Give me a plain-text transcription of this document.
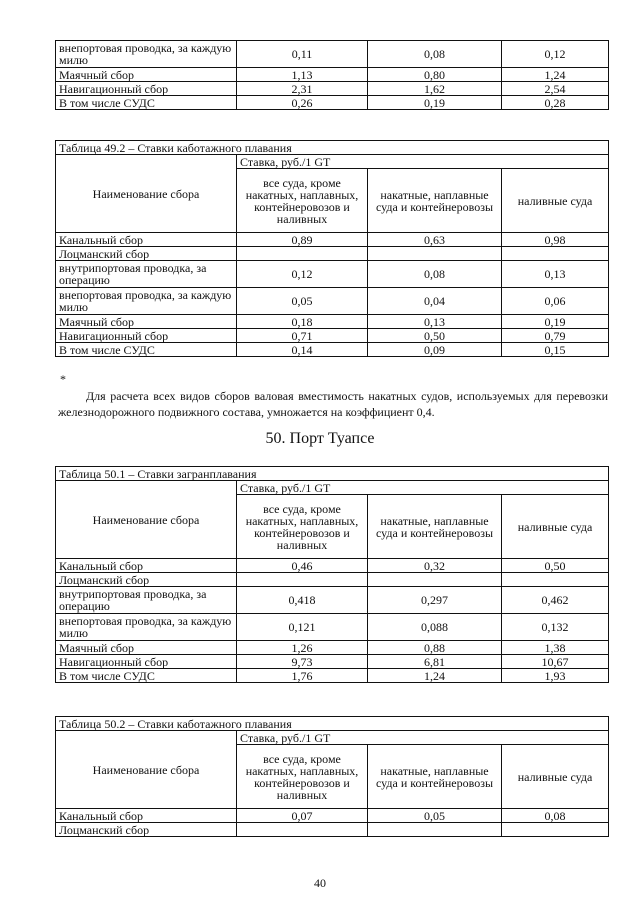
внепортовая проводка, за каждую милю	0,11	0,08	0,12
Маячный сбор	1,13	0,80	1,24
Навигационный сбор	2,31	1,62	2,54
В том числе СУДС	0,26	0,19	0,28
Таблица 49.2 – Ставки каботажного плавания			
Наименование сбора	Ставка, руб./1 GT		
	все суда, кроме накатных, наплавных, контейнеровозов и наливных	накатные, наплавные суда и контейнеровозы	наливные суда
Канальный сбор	0,89	0,63	0,98
Лоцманский сбор			
внутрипортовая проводка, за операцию	0,12	0,08	0,13
внепортовая проводка, за каждую милю	0,05	0,04	0,06
Маячный сбор	0,18	0,13	0,19
Навигационный сбор	0,71	0,50	0,79
В том числе СУДС	0,14	0,09	0,15
*
Для расчета всех видов сборов валовая вместимость накатных судов, используемых для перевозки железнодорожного подвижного состава, умножается на коэффициент 0,4.
50. Порт Туапсе
Таблица 50.1 – Ставки загранплавания			
Наименование сбора	Ставка, руб./1 GT		
	все суда, кроме накатных, наплавных, контейнеровозов и наливных	накатные, наплавные суда и контейнеровозы	наливные суда
Канальный сбор	0,46	0,32	0,50
Лоцманский сбор			
внутрипортовая проводка, за операцию	0,418	0,297	0,462
внепортовая проводка, за каждую милю	0,121	0,088	0,132
Маячный сбор	1,26	0,88	1,38
Навигационный сбор	9,73	6,81	10,67
В том числе СУДС	1,76	1,24	1,93
Таблица 50.2 – Ставки каботажного плавания			
Наименование сбора	Ставка, руб./1 GT		
	все суда, кроме накатных, наплавных, контейнеровозов и наливных	накатные, наплавные суда и контейнеровозы	наливные суда
Канальный сбор	0,07	0,05	0,08
Лоцманский сбор			
40
